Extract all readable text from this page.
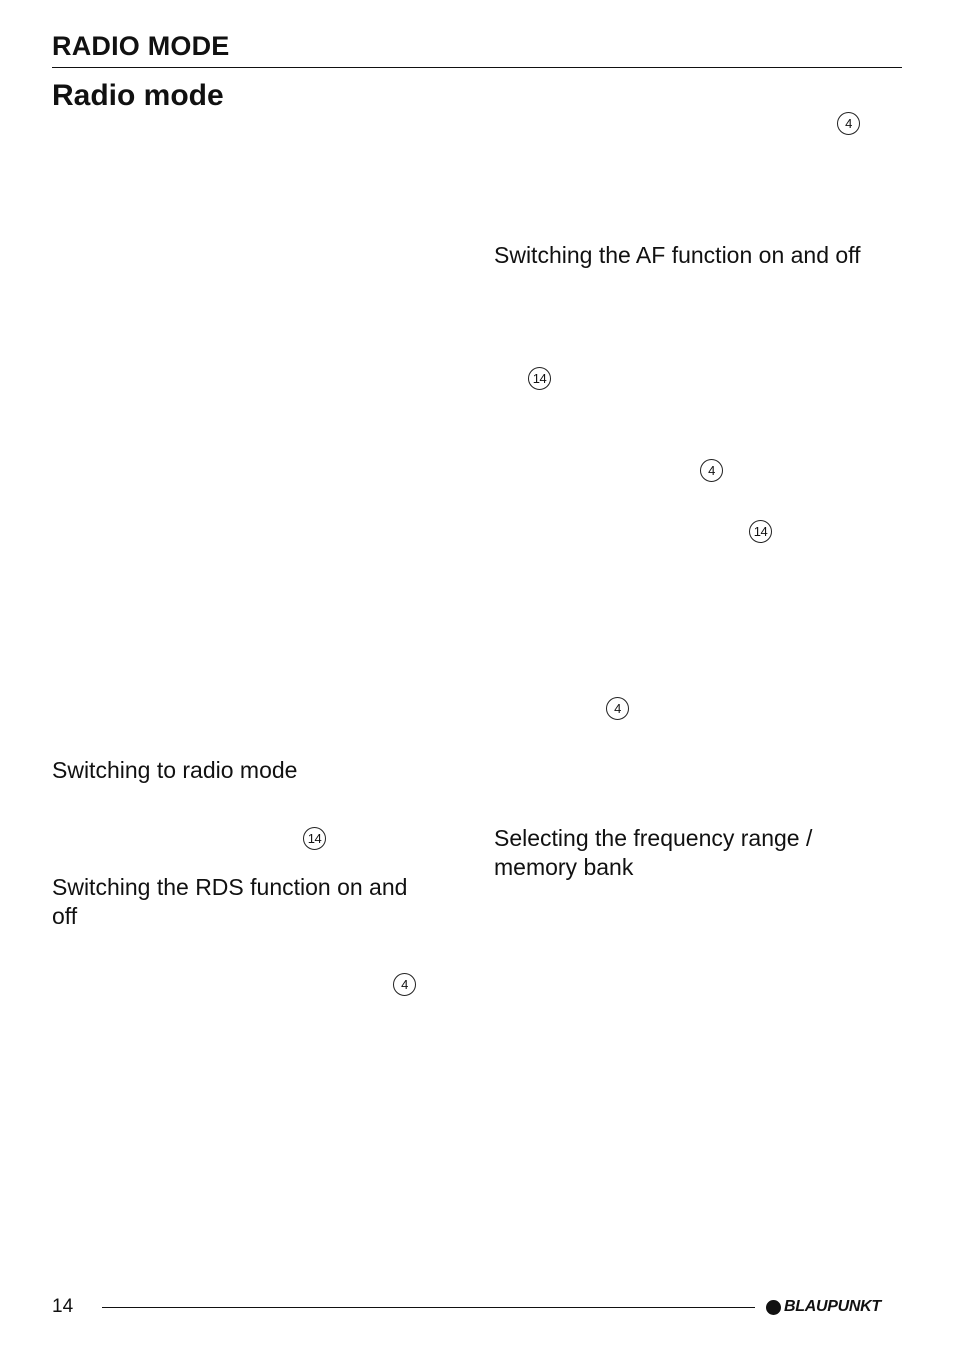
RADIO MODE
Radio mode
4
Switching the AF function on and off
14
4
14
4
Switching to radio mode
14	Selecting the frequency range / memory bank
Switching the RDS function on and off
4
14	BLAUPUNKT
